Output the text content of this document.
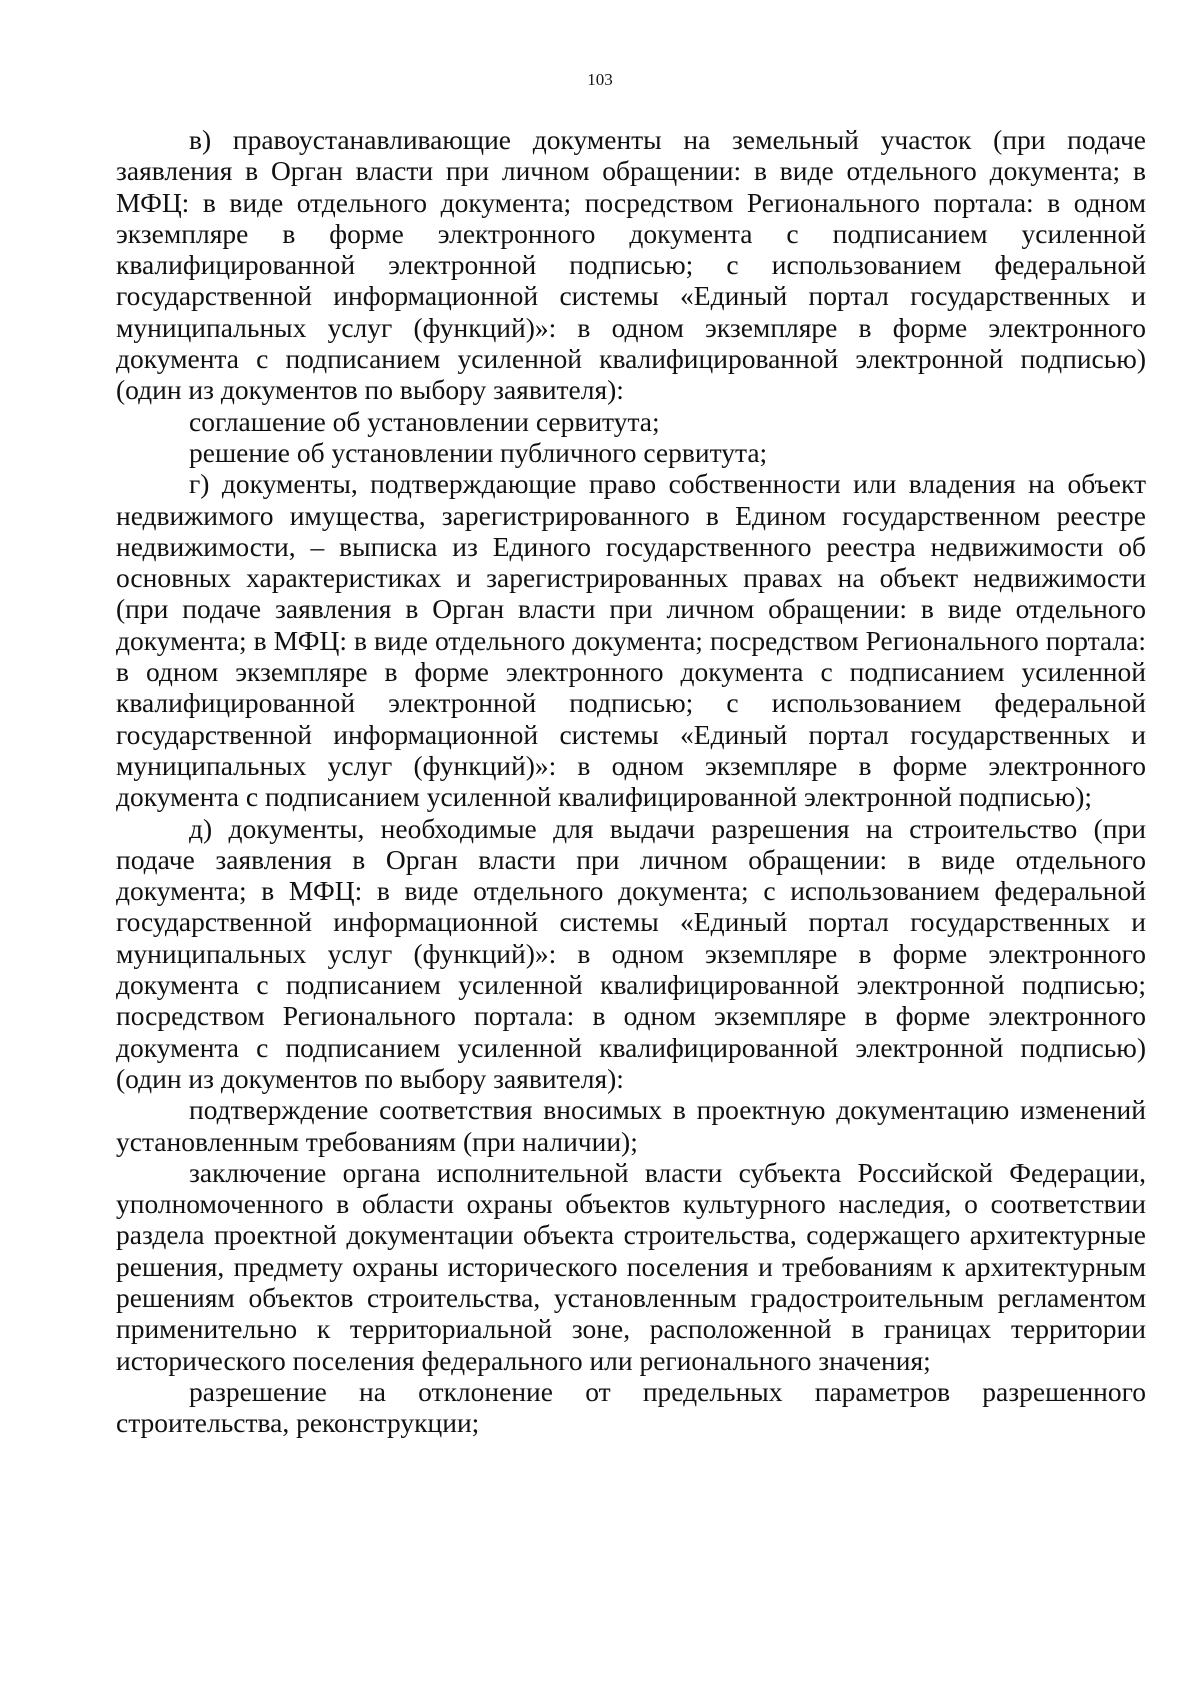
103

в) правоустанавливающие документы на земельный участок (при подаче заявления в Орган власти при личном обращении: в виде отдельного документа; в МФЦ: в виде отдельного документа; посредством Регионального портала: в одном экземпляре в форме электронного документа с подписанием усиленной квалифицированной электронной подписью; с использованием федеральной государственной информационной системы «Единый портал государственных и муниципальных услуг (функций)»: в одном экземпляре в форме электронного документа с подписанием усиленной квалифицированной электронной подписью) (один из документов по выбору заявителя):

соглашение об установлении сервитута;

решение об установлении публичного сервитута;

г) документы, подтверждающие право собственности или владения на объект недвижимого имущества, зарегистрированного в Едином государственном реестре недвижимости, – выписка из Единого государственного реестра недвижимости об основных характеристиках и зарегистрированных правах на объект недвижимости (при подаче заявления в Орган власти при личном обращении: в виде отдельного документа; в МФЦ: в виде отдельного документа; посредством Регионального портала: в одном экземпляре в форме электронного документа с подписанием усиленной квалифицированной электронной подписью; с использованием федеральной государственной информационной системы «Единый портал государственных и муниципальных услуг (функций)»: в одном экземпляре в форме электронного документа с подписанием усиленной квалифицированной электронной подписью);

д) документы, необходимые для выдачи разрешения на строительство (при подаче заявления в Орган власти при личном обращении: в виде отдельного документа; в МФЦ: в виде отдельного документа; с использованием федеральной государственной информационной системы «Единый портал государственных и муниципальных услуг (функций)»: в одном экземпляре в форме электронного документа с подписанием усиленной квалифицированной электронной подписью; посредством Регионального портала: в одном экземпляре в форме электронного документа с подписанием усиленной квалифицированной электронной подписью) (один из документов по выбору заявителя):

подтверждение соответствия вносимых в проектную документацию изменений установленным требованиям (при наличии);

заключение органа исполнительной власти субъекта Российской Федерации, уполномоченного в области охраны объектов культурного наследия, о соответствии раздела проектной документации объекта строительства, содержащего архитектурные решения, предмету охраны исторического поселения и требованиям к архитектурным решениям объектов строительства, установленным градостроительным регламентом применительно к территориальной зоне, расположенной в границах территории исторического поселения федерального или регионального значения;

разрешение на отклонение от предельных параметров разрешенного строительства, реконструкции;
